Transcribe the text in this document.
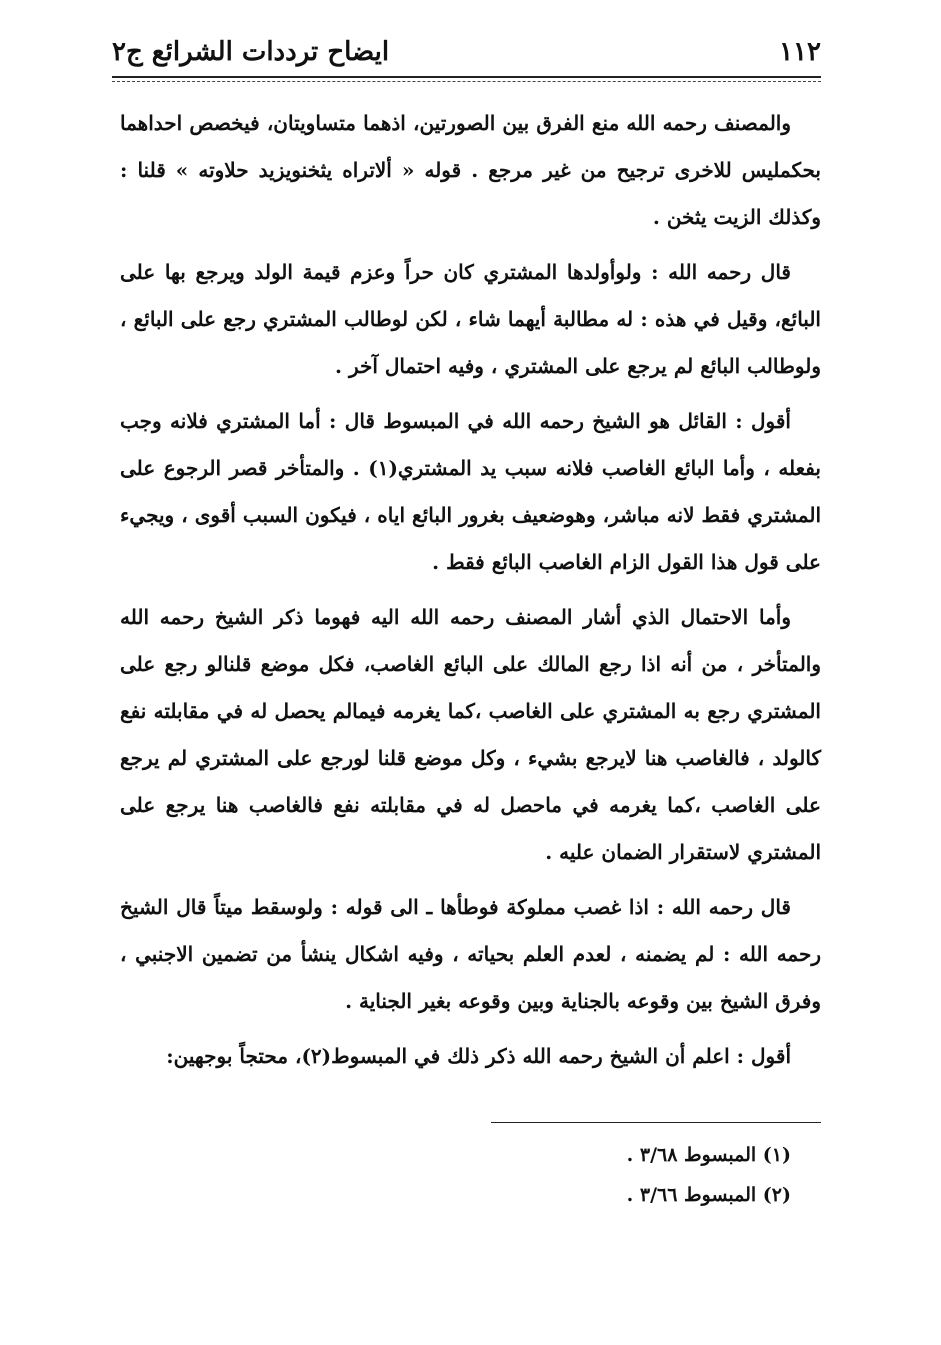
١١٢
ايضاح ترددات الشرائع ج٢

والمصنف رحمه الله منع الفرق بين الصورتين، اذهما متساويتان، فيخصص احداهما بحكمليس للاخرى ترجيح من غير مرجع . قوله « ألاتراه يثخنويزيد حلاوته » قلنا : وكذلك الزيت يثخن .

قال رحمه الله : ولوأولدها المشتري كان حراً وعزم قيمة الولد ويرجع بها على البائع، وقيل في هذه : له مطالبة أيهما شاء ، لكن لوطالب المشتري رجع على البائع ، ولوطالب البائع لم يرجع على المشتري ، وفيه احتمال آخر .

أقول : القائل هو الشيخ رحمه الله في المبسوط قال : أما المشتري فلانه وجب بفعله ، وأما البائع الغاصب فلانه سبب يد المشتري(١) . والمتأخر قصر الرجوع على المشتري فقط لانه مباشر، وهوضعيف بغرور البائع اياه ، فيكون السبب أقوى ، ويجيء على قول هذا القول الزام الغاصب البائع فقط .

وأما الاحتمال الذي أشار المصنف رحمه الله اليه فهوما ذكر الشيخ رحمه الله والمتأخر ، من أنه اذا رجع المالك على البائع الغاصب، فكل موضع قلنالو رجع على المشتري رجع به المشتري على الغاصب ،كما يغرمه فيمالم يحصل له في مقابلته نفع كالولد ، فالغاصب هنا لايرجع بشيء ، وكل موضع قلنا لورجع على المشتري لم يرجع على الغاصب ،كما يغرمه في ماحصل له في مقابلته نفع فالغاصب هنا يرجع على المشتري لاستقرار الضمان عليه .

قال رحمه الله : اذا غصب مملوكة فوطأها ـ الى قوله : ولوسقط ميتاً قال الشيخ رحمه الله : لم يضمنه ، لعدم العلم بحياته ، وفيه اشكال ينشأ من تضمين الاجنبي ، وفرق الشيخ بين وقوعه بالجناية وبين وقوعه بغير الجناية .

أقول : اعلم أن الشيخ رحمه الله ذكر ذلك في المبسوط(٢)، محتجاً بوجهين:

(١) المبسوط ٣/٦٨ .
(٢) المبسوط ٣/٦٦ .
